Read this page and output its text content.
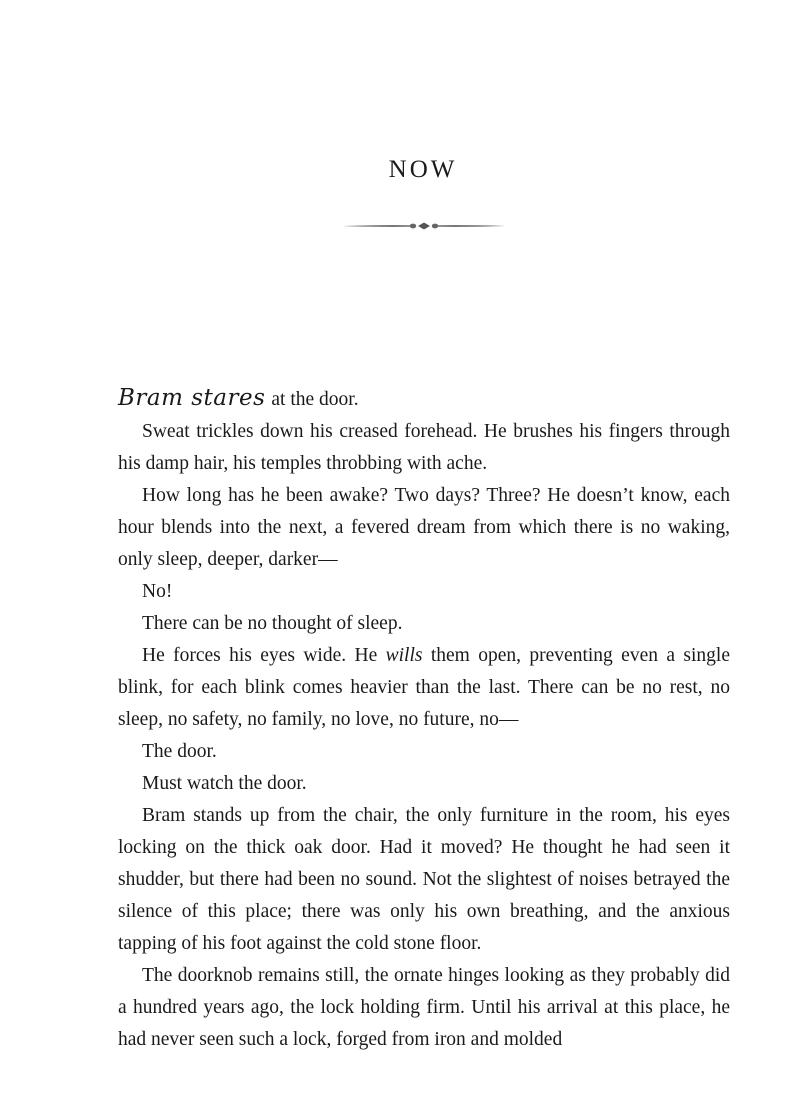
NOW

Bram stares at the door.

Sweat trickles down his creased forehead. He brushes his fingers through his damp hair, his temples throbbing with ache.

How long has he been awake? Two days? Three? He doesn’t know, each hour blends into the next, a fevered dream from which there is no waking, only sleep, deeper, darker—

No!

There can be no thought of sleep.

He forces his eyes wide. He wills them open, preventing even a single blink, for each blink comes heavier than the last. There can be no rest, no sleep, no safety, no family, no love, no future, no—

The door.

Must watch the door.

Bram stands up from the chair, the only furniture in the room, his eyes locking on the thick oak door. Had it moved? He thought he had seen it shudder, but there had been no sound. Not the slightest of noises betrayed the silence of this place; there was only his own breathing, and the anxious tapping of his foot against the cold stone floor.

The doorknob remains still, the ornate hinges looking as they probably did a hundred years ago, the lock holding firm. Until his arrival at this place, he had never seen such a lock, forged from iron and molded
